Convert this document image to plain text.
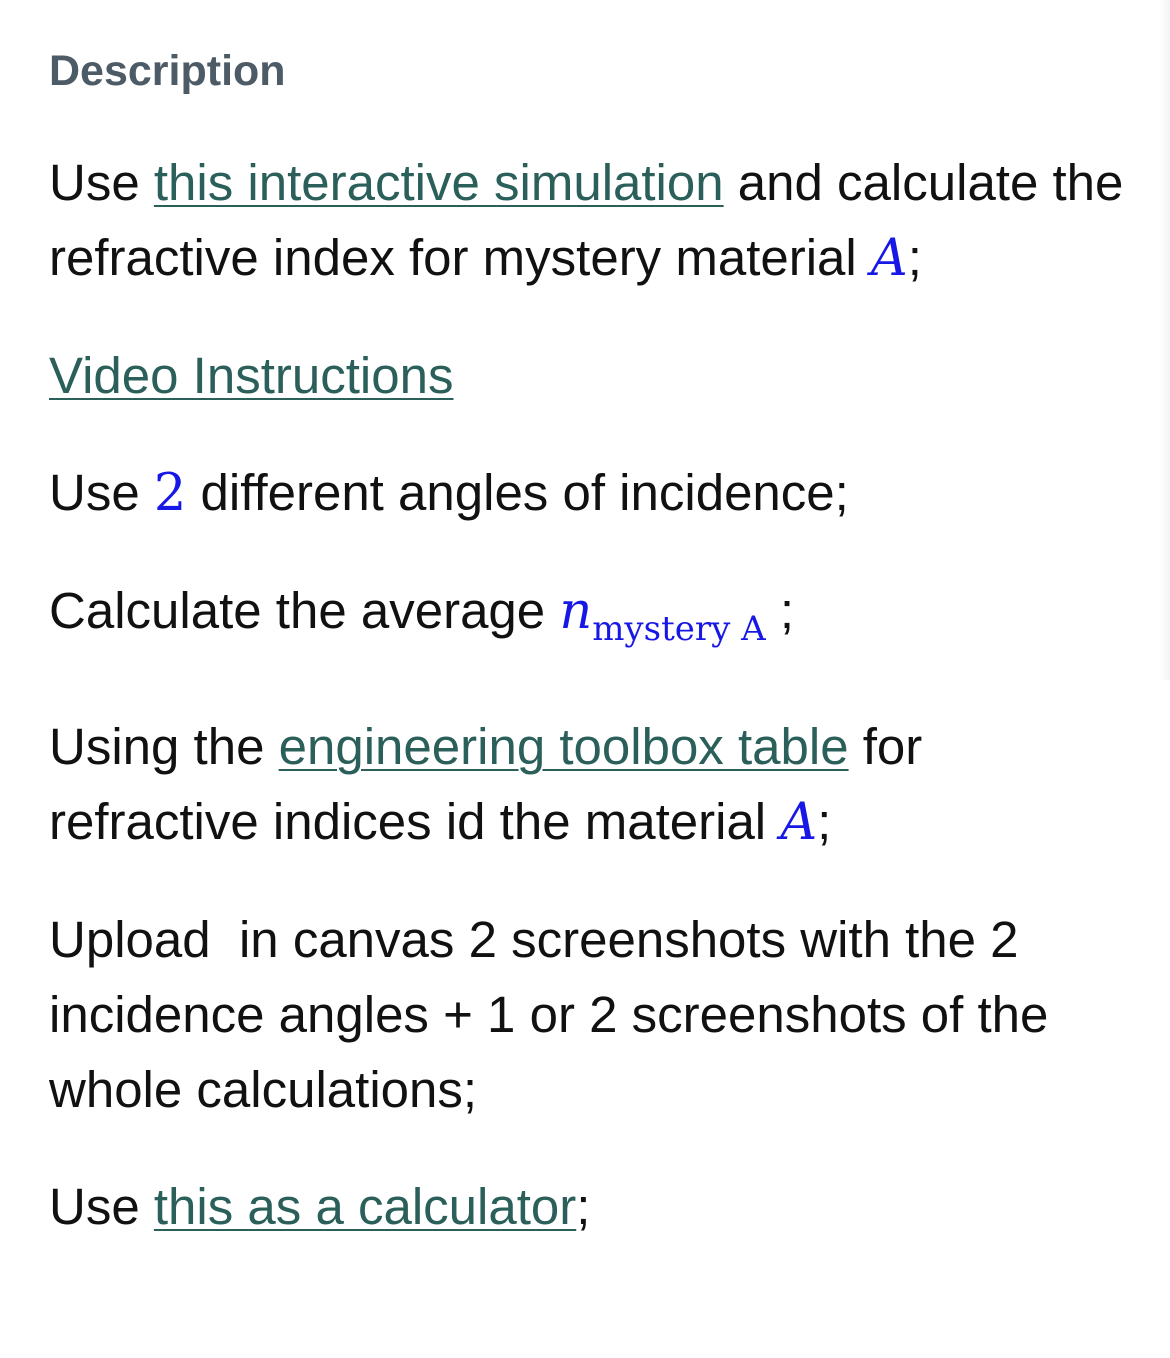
Description

Use this interactive simulation and calculate the refractive index for mystery material A;

Video Instructions

Use 2 different angles of incidence;

Calculate the average $n_{mystery A}$ ;

Using the engineering toolbox table for refractive indices id the material A;

Upload  in canvas 2 screenshots with the 2 incidence angles + 1 or 2 screenshots of the whole calculations;

Use this as a calculator;
